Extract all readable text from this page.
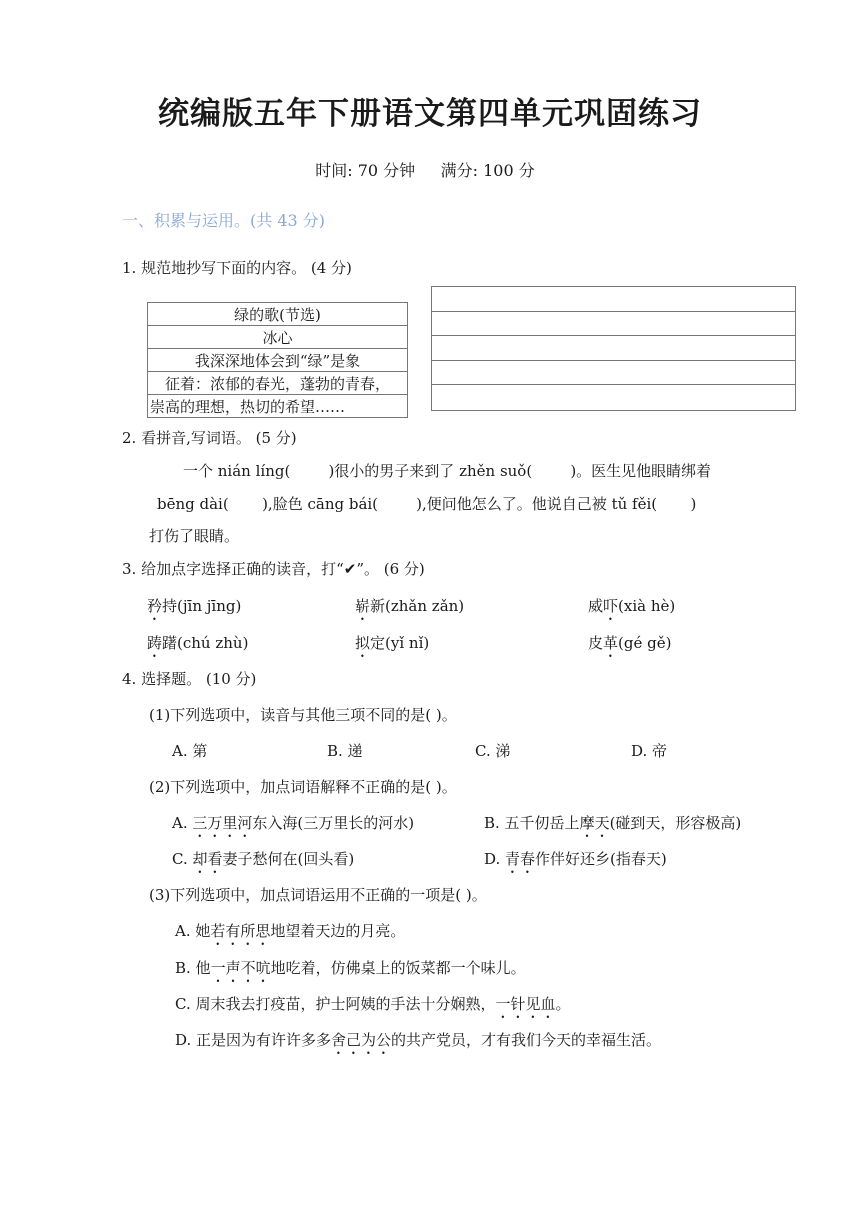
统编版五年下册语文第四单元巩固练习
时间: 70 分钟 满分: 100 分
一、积累与运用。(共 43 分)
1. 规范地抄写下面的内容。 (4 分)
绿的歌(节选)
冰心
我深深地体会到“绿”是象
征着：浓郁的春光，蓬勃的青春，
崇高的理想，热切的希望……
2. 看拼音,写词语。 (5 分)
一个 nián líng(        )很小的男子来到了 zhěn suǒ(        )。医生见他眼睛绑着
bēng dài(       ),脸色 cāng bái(        ),便问他怎么了。他说自己被 tǔ fěi(       )
打伤了眼睛。
3. 给加点字选择正确的读音，打“✔”。 (6 分)
矜持(jīn jīng)	崭新(zhǎn zǎn)	威吓(xià hè)
踌躇(chú zhù)	拟定(yǐ nǐ)	皮革(gé gě)
4. 选择题。 (10 分)
(1)下列选项中，读音与其他三项不同的是( )。
A. 第	B. 递	C. 涕	D. 帝
(2)下列选项中，加点词语解释不正确的是( )。
A. 三万里河东入海(三万里长的河水)	B. 五千仞岳上摩天(碰到天，形容极高)
C. 却看妻子愁何在(回头看)	D. 青春作伴好还乡(指春天)
(3)下列选项中，加点词语运用不正确的一项是( )。
A. 她若有所思地望着天边的月亮。
B. 他一声不吭地吃着，仿佛桌上的饭菜都一个味儿。
C. 周末我去打疫苗，护士阿姨的手法十分娴熟，一针见血。
D. 正是因为有许许多多舍己为公的共产党员，才有我们今天的幸福生活。
